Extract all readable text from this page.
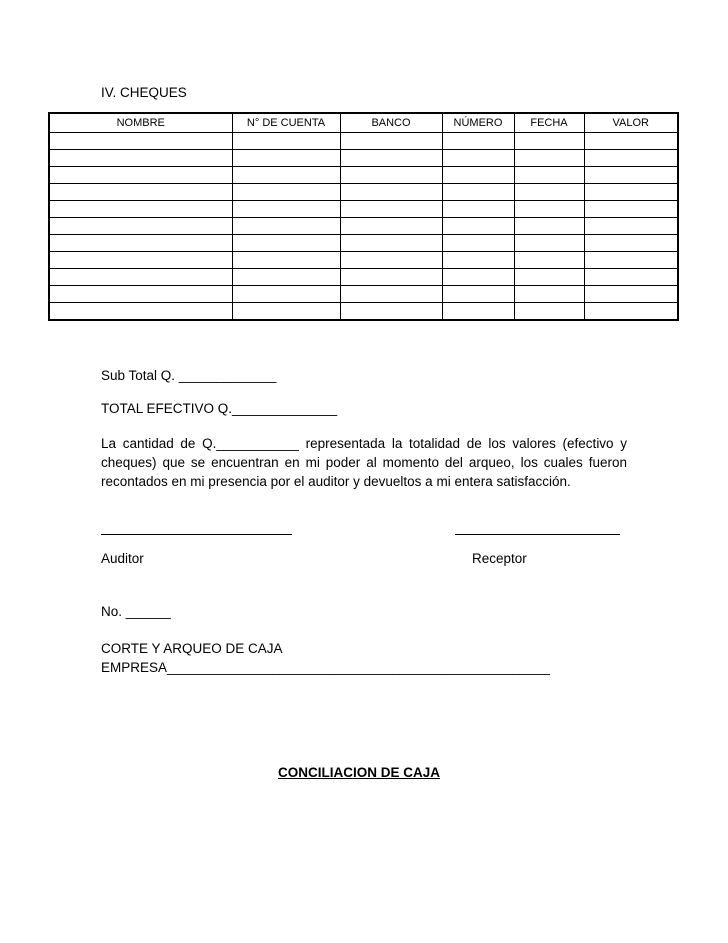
IV. CHEQUES
NOMBRE	N° DE CUENTA	BANCO	NÚMERO	FECHA	VALOR

Sub Total Q. _____________
TOTAL EFECTIVO Q.______________
La cantidad de Q.___________ representada la totalidad de los valores (efectivo y cheques) que se encuentran en mi poder al momento del arqueo, los cuales fueron recontados en mi presencia por el auditor y devueltos a mi entera satisfacción.
Auditor	Receptor
No. ______
CORTE Y ARQUEO DE CAJA
EMPRESA___________________________________________________
CONCILIACION DE CAJA
